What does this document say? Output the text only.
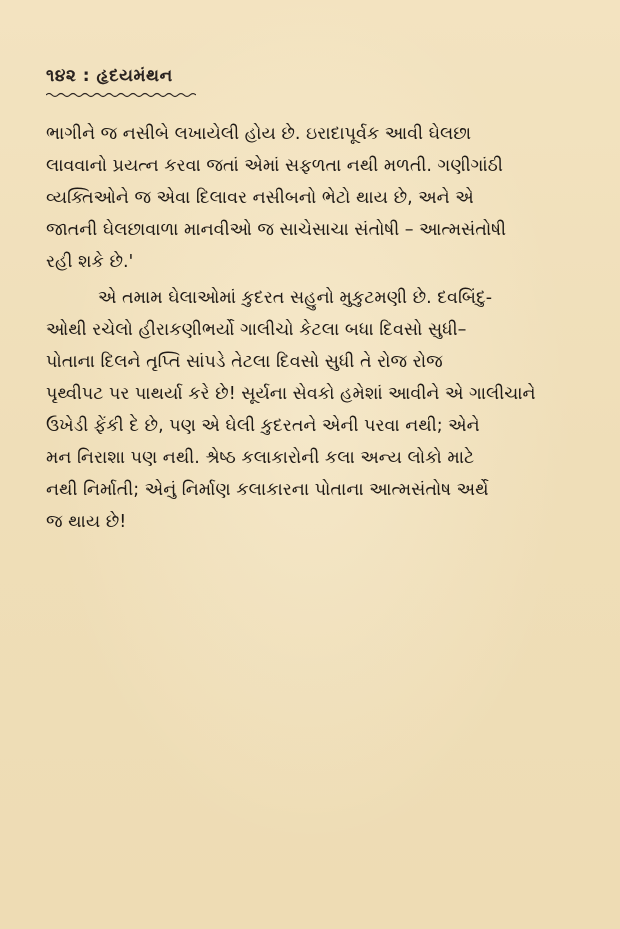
૧૪૨ : હૃદયમંથન
ભાગીને જ નસીબે લખાયેલી હોય છે. ઇરાદાપૂર્વક આવી ઘેલછા
લાવવાનો પ્રયત્ન કરવા જતાં એમાં સફળતા નથી મળતી. ગણીગાંઠી
વ્યક્તિઓને જ એવા દિલાવર નસીબનો ભેટો થાય છે, અને એ
જાતની ઘેલછાવાળા માનવીઓ જ સાચેસાચા સંતોષી – આત્મસંતોષી
રહી શકે છે.'
એ તમામ ઘેલાઓમાં કુદરત સહુનો મુકુટમણી છે. દવબિંદુ-
ઓથી રચેલો હીરાકણીભર્યો ગાલીચો કેટલા બધા દિવસો સુધી–
પોતાના દિલને તૃપ્તિ સાંપડે તેટલા દિવસો સુધી તે રોજ રોજ
પૃથ્વીપટ પર પાથર્યા કરે છે! સૂર્યના સેવકો હમેશાં આવીને એ ગાલીચાને
ઉખેડી ફેંકી દે છે, પણ એ ઘેલી કુદરતને એની પરવા નથી; એને
મન નિરાશા પણ નથી. શ્રેષ્ઠ કલાકારોની કલા અન્ય લોકો માટે
નથી નિર્માતી; એનું નિર્માણ કલાકારના પોતાના આત્મસંતોષ અર્થે
જ થાય છે!
